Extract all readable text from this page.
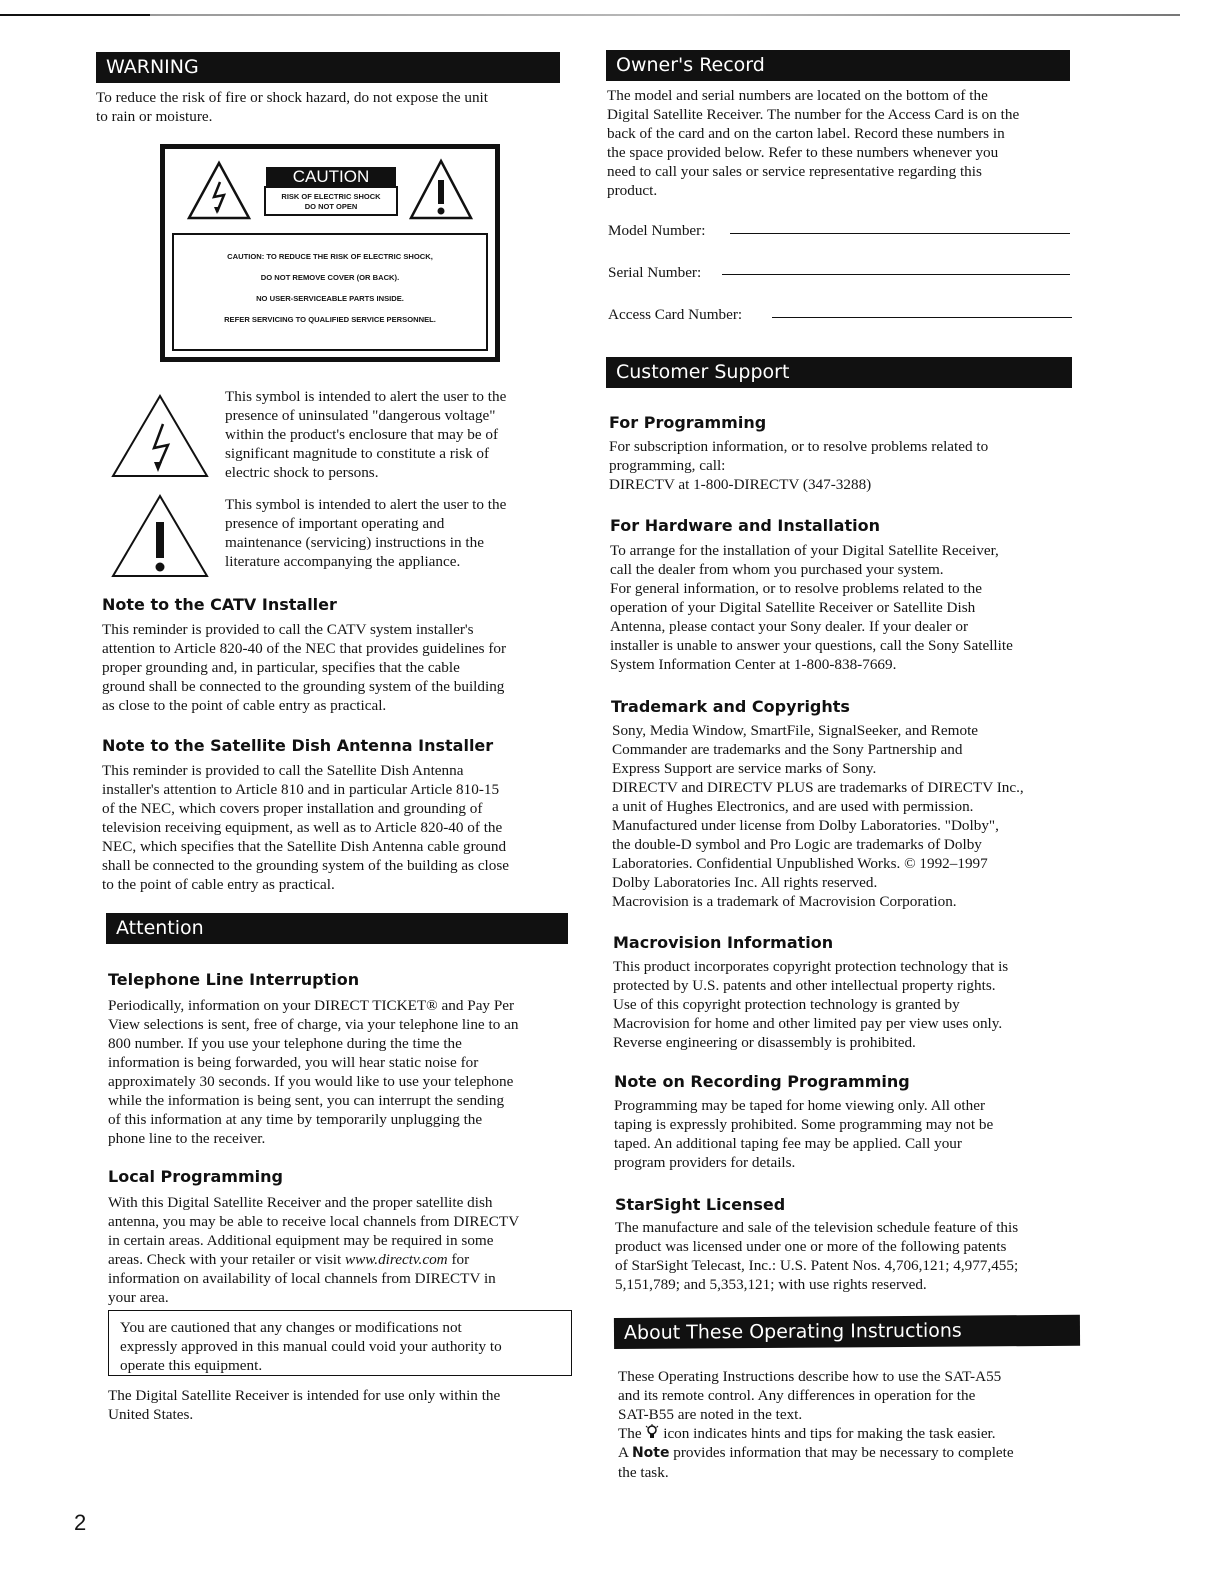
WARNING
To reduce the risk of fire or shock hazard, do not expose the unit
to rain or moisture.
CAUTION
RISK OF ELECTRIC SHOCK
DO NOT OPEN
CAUTION: TO REDUCE THE RISK OF ELECTRIC SHOCK,
DO NOT REMOVE COVER (OR BACK).
NO USER-SERVICEABLE PARTS INSIDE.
REFER SERVICING TO QUALIFIED SERVICE PERSONNEL.
This symbol is intended to alert the user to the
presence of uninsulated "dangerous voltage"
within the product's enclosure that may be of
significant magnitude to constitute a risk of
electric shock to persons.
This symbol is intended to alert the user to the
presence of important operating and
maintenance (servicing) instructions in the
literature accompanying the appliance.
Note to the CATV Installer
This reminder is provided to call the CATV system installer's
attention to Article 820-40 of the NEC that provides guidelines for
proper grounding and, in particular, specifies that the cable
ground shall be connected to the grounding system of the building
as close to the point of cable entry as practical.
Note to the Satellite Dish Antenna Installer
This reminder is provided to call the Satellite Dish Antenna
installer's attention to Article 810 and in particular Article 810-15
of the NEC, which covers proper installation and grounding of
television receiving equipment, as well as to Article 820-40 of the
NEC, which specifies that the Satellite Dish Antenna cable ground
shall be connected to the grounding system of the building as close
to the point of cable entry as practical.
Attention
Telephone Line Interruption
Periodically, information on your DIRECT TICKET® and Pay Per
View selections is sent, free of charge, via your telephone line to an
800 number. If you use your telephone during the time the
information is being forwarded, you will hear static noise for
approximately 30 seconds. If you would like to use your telephone
while the information is being sent, you can interrupt the sending
of this information at any time by temporarily unplugging the
phone line to the receiver.
Local Programming
With this Digital Satellite Receiver and the proper satellite dish
antenna, you may be able to receive local channels from DIRECTV
in certain areas. Additional equipment may be required in some
areas. Check with your retailer or visit www.directv.com for
information on availability of local channels from DIRECTV in
your area.
You are cautioned that any changes or modifications not
expressly approved in this manual could void your authority to
operate this equipment.
The Digital Satellite Receiver is intended for use only within the
United States.
2
Owner's Record
The model and serial numbers are located on the bottom of the
Digital Satellite Receiver. The number for the Access Card is on the
back of the card and on the carton label. Record these numbers in
the space provided below. Refer to these numbers whenever you
need to call your sales or service representative regarding this
product.
Model Number:
Serial Number:
Access Card Number:
Customer Support
For Programming
For subscription information, or to resolve problems related to
programming, call:
DIRECTV at 1-800-DIRECTV (347-3288)
For Hardware and Installation
To arrange for the installation of your Digital Satellite Receiver,
call the dealer from whom you purchased your system.
For general information, or to resolve problems related to the
operation of your Digital Satellite Receiver or Satellite Dish
Antenna, please contact your Sony dealer. If your dealer or
installer is unable to answer your questions, call the Sony Satellite
System Information Center at 1-800-838-7669.
Trademark and Copyrights
Sony, Media Window, SmartFile, SignalSeeker, and Remote
Commander are trademarks and the Sony Partnership and
Express Support are service marks of Sony.
DIRECTV and DIRECTV PLUS are trademarks of DIRECTV Inc.,
a unit of Hughes Electronics, and are used with permission.
Manufactured under license from Dolby Laboratories. "Dolby",
the double-D symbol and Pro Logic are trademarks of Dolby
Laboratories. Confidential Unpublished Works. © 1992–1997
Dolby Laboratories Inc. All rights reserved.
Macrovision is a trademark of Macrovision Corporation.
Macrovision Information
This product incorporates copyright protection technology that is
protected by U.S. patents and other intellectual property rights.
Use of this copyright protection technology is granted by
Macrovision for home and other limited pay per view uses only.
Reverse engineering or disassembly is prohibited.
Note on Recording Programming
Programming may be taped for home viewing only. All other
taping is expressly prohibited. Some programming may not be
taped. An additional taping fee may be applied. Call your
program providers for details.
StarSight Licensed
The manufacture and sale of the television schedule feature of this
product was licensed under one or more of the following patents
of StarSight Telecast, Inc.: U.S. Patent Nos. 4,706,121; 4,977,455;
5,151,789; and 5,353,121; with use rights reserved.
About These Operating Instructions
These Operating Instructions describe how to use the SAT-A55
and its remote control. Any differences in operation for the
SAT-B55 are noted in the text.
The  icon indicates hints and tips for making the task easier.
A Note provides information that may be necessary to complete
the task.
